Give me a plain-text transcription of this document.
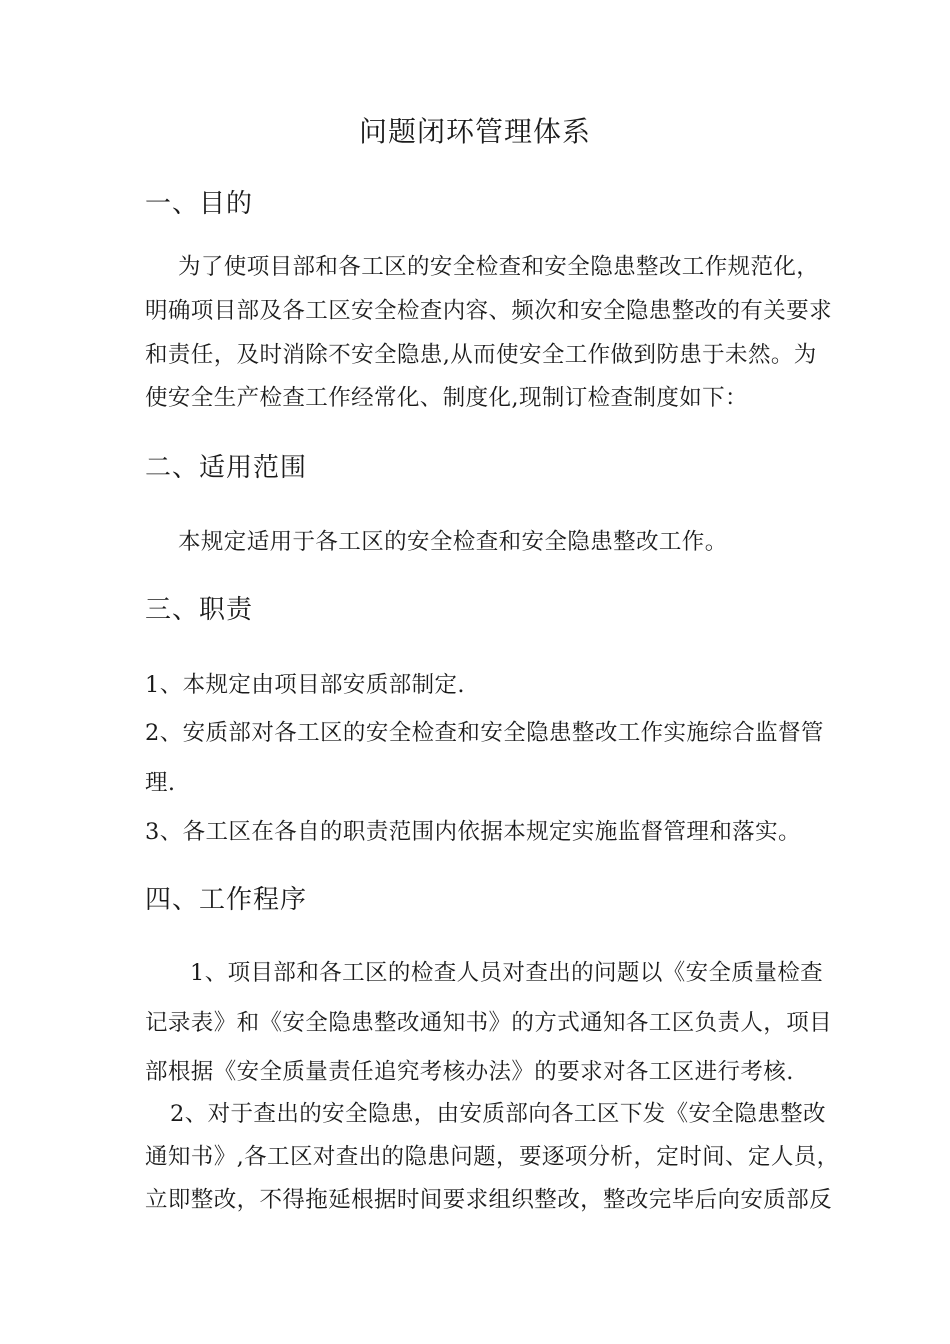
问题闭环管理体系
一、目的
为了使项目部和各工区的安全检查和安全隐患整改工作规范化，
明确项目部及各工区安全检查内容、频次和安全隐患整改的有关要求
和责任，及时消除不安全隐患,从而使安全工作做到防患于未然。为
使安全生产检查工作经常化、制度化,现制订检查制度如下：
二、适用范围
本规定适用于各工区的安全检查和安全隐患整改工作。
三、职责
1、本规定由项目部安质部制定.
2、安质部对各工区的安全检查和安全隐患整改工作实施综合监督管
理.
3、各工区在各自的职责范围内依据本规定实施监督管理和落实。
四、工作程序
1、项目部和各工区的检查人员对查出的问题以《安全质量检查
记录表》和《安全隐患整改通知书》的方式通知各工区负责人，项目
部根据《安全质量责任追究考核办法》的要求对各工区进行考核.
2、对于查出的安全隐患，由安质部向各工区下发《安全隐患整改
通知书》,各工区对查出的隐患问题，要逐项分析，定时间、定人员，
立即整改，不得拖延根据时间要求组织整改，整改完毕后向安质部反
